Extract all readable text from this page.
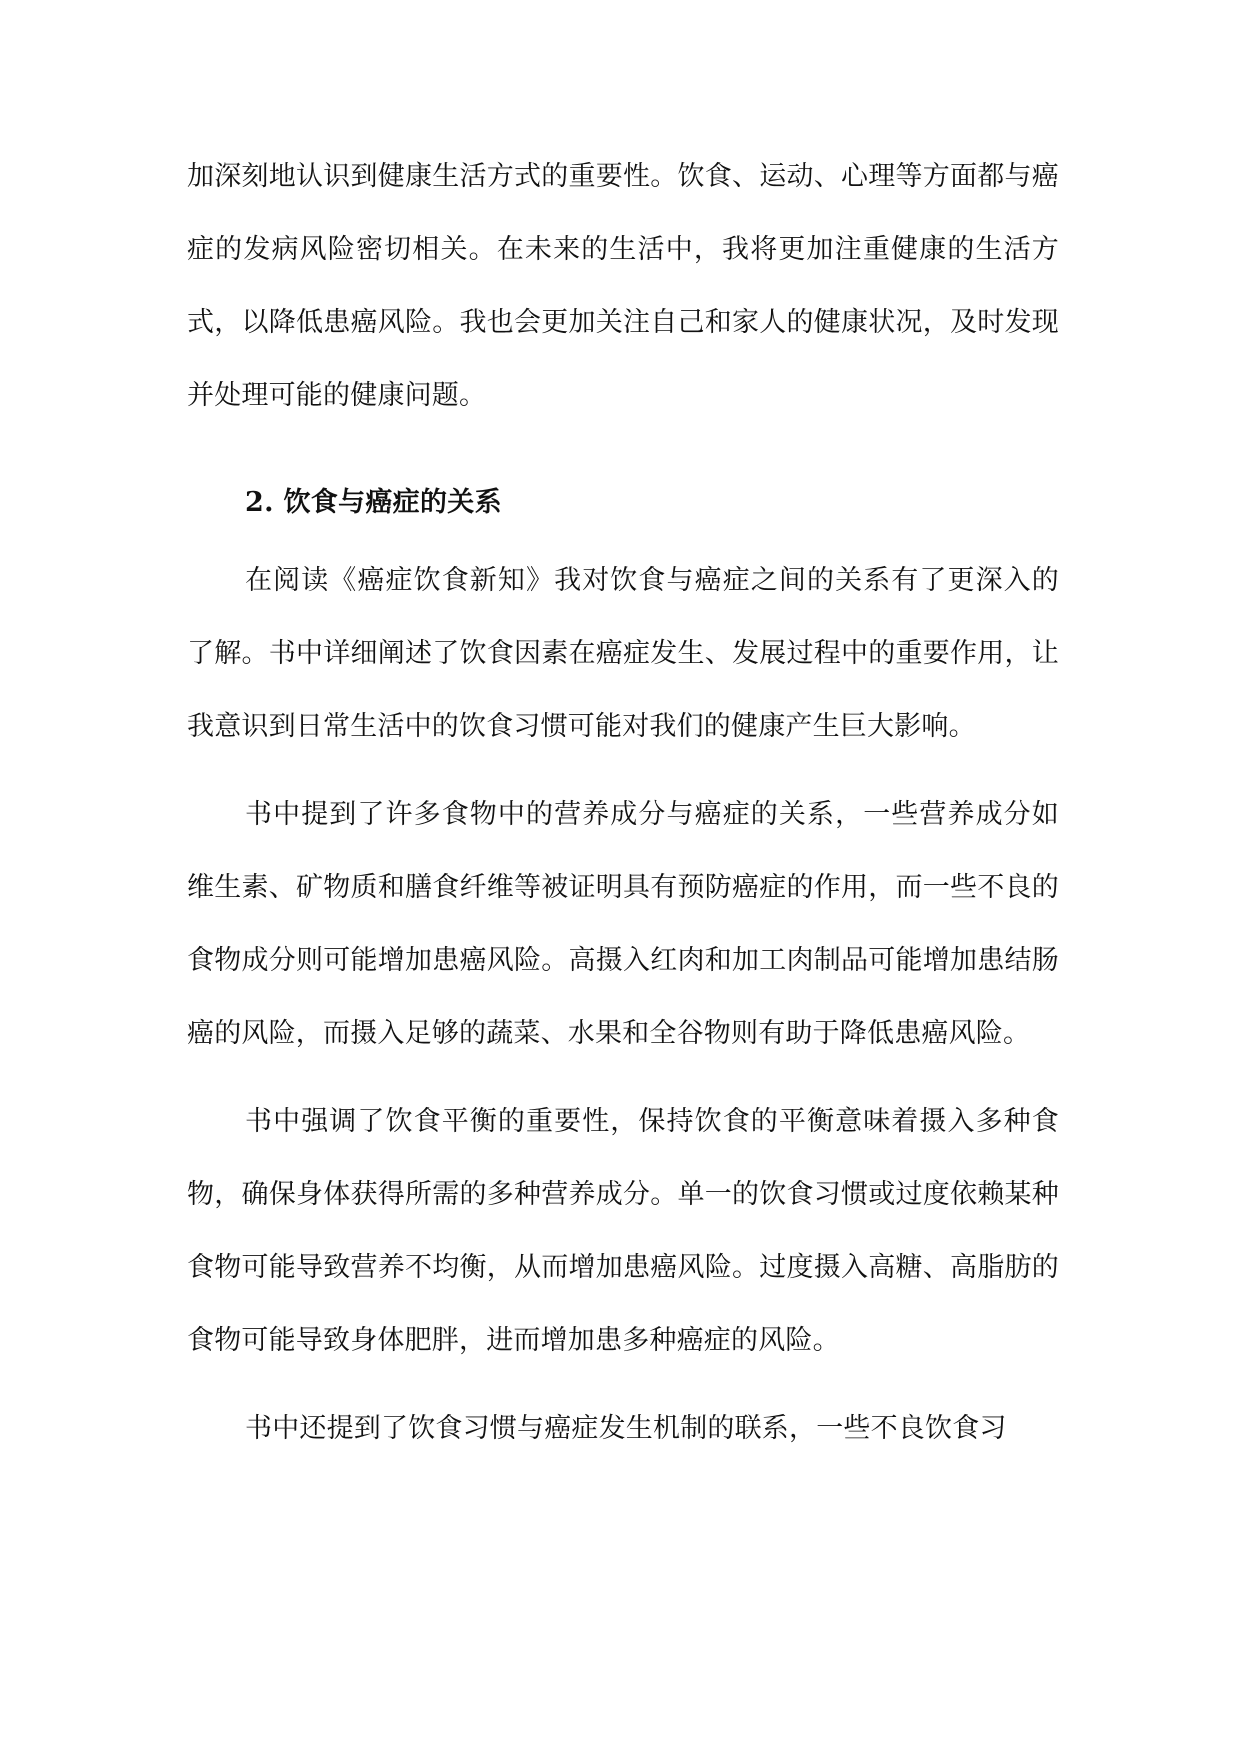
加深刻地认识到健康生活方式的重要性。饮食、运动、心理等方面都与癌症的发病风险密切相关。在未来的生活中，我将更加注重健康的生活方式，以降低患癌风险。我也会更加关注自己和家人的健康状况，及时发现并处理可能的健康问题。

2. 饮食与癌症的关系

在阅读《癌症饮食新知》我对饮食与癌症之间的关系有了更深入的了解。书中详细阐述了饮食因素在癌症发生、发展过程中的重要作用，让我意识到日常生活中的饮食习惯可能对我们的健康产生巨大影响。

书中提到了许多食物中的营养成分与癌症的关系，一些营养成分如维生素、矿物质和膳食纤维等被证明具有预防癌症的作用，而一些不良的食物成分则可能增加患癌风险。高摄入红肉和加工肉制品可能增加患结肠癌的风险，而摄入足够的蔬菜、水果和全谷物则有助于降低患癌风险。

书中强调了饮食平衡的重要性，保持饮食的平衡意味着摄入多种食物，确保身体获得所需的多种营养成分。单一的饮食习惯或过度依赖某种食物可能导致营养不均衡，从而增加患癌风险。过度摄入高糖、高脂肪的食物可能导致身体肥胖，进而增加患多种癌症的风险。

书中还提到了饮食习惯与癌症发生机制的联系，一些不良饮食习
